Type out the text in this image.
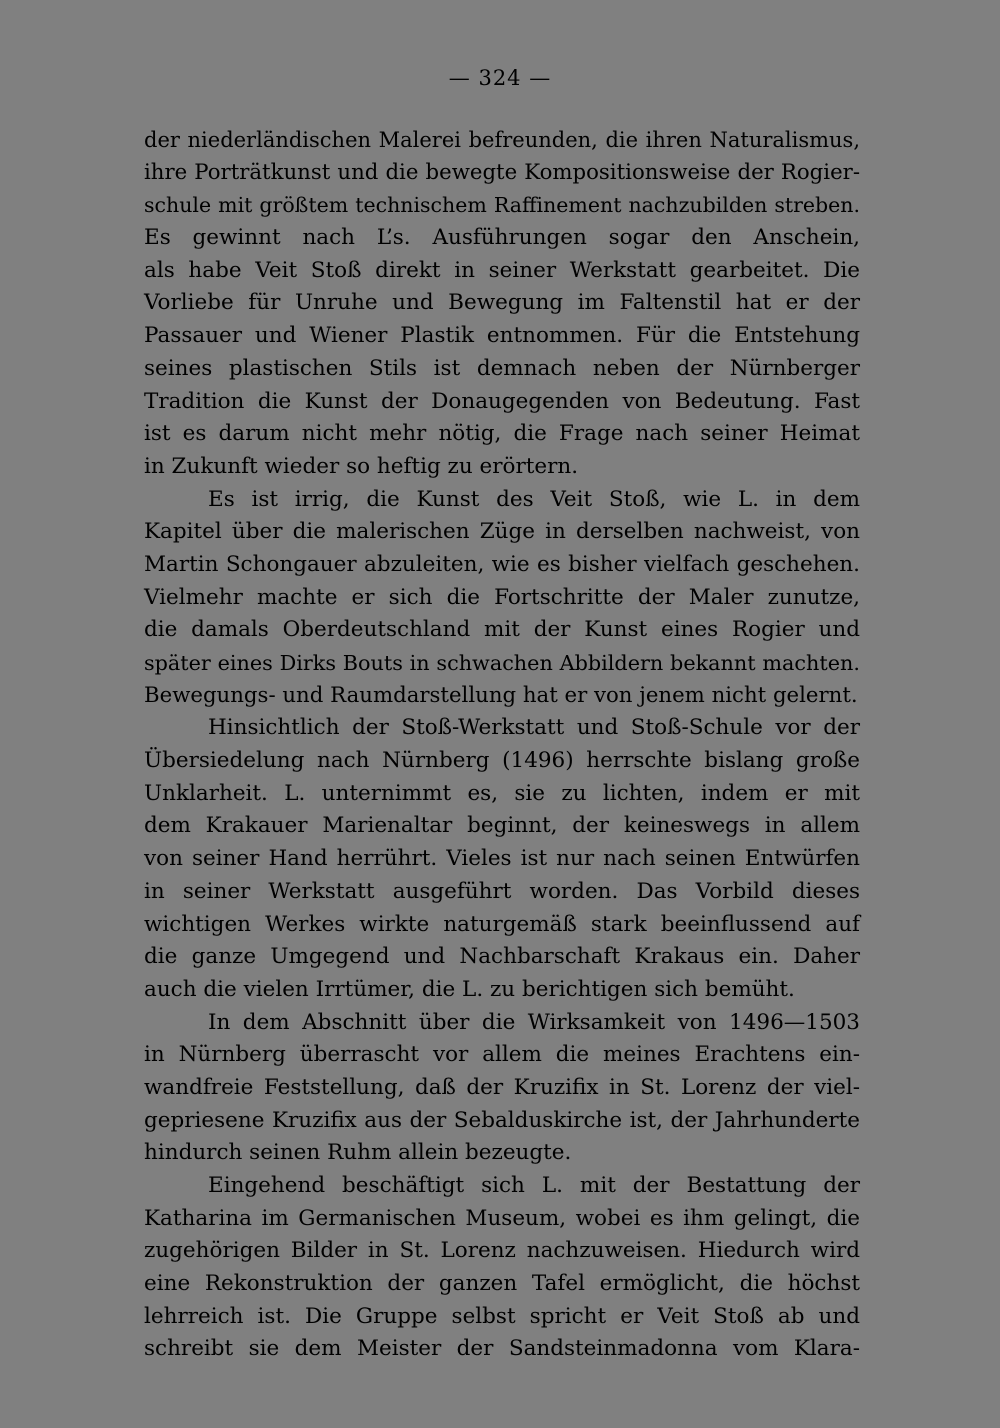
— 324 —
der niederländischen Malerei befreunden, die ihren Naturalismus,
ihre Porträtkunst und die bewegte Kompositionsweise der Rogier-
schule mit größtem technischem Raffinement nachzubilden streben.
Es gewinnt nach L’s. Ausführungen sogar den Anschein,
als habe Veit Stoß direkt in seiner Werkstatt gearbeitet. Die
Vorliebe für Unruhe und Bewegung im Faltenstil hat er der
Passauer und Wiener Plastik entnommen. Für die Entstehung
seines plastischen Stils ist demnach neben der Nürnberger
Tradition die Kunst der Donaugegenden von Bedeutung. Fast
ist es darum nicht mehr nötig, die Frage nach seiner Heimat
in Zukunft wieder so heftig zu erörtern.
Es ist irrig, die Kunst des Veit Stoß, wie L. in dem
Kapitel über die malerischen Züge in derselben nachweist, von
Martin Schongauer abzuleiten, wie es bisher vielfach geschehen.
Vielmehr machte er sich die Fortschritte der Maler zunutze,
die damals Oberdeutschland mit der Kunst eines Rogier und
später eines Dirks Bouts in schwachen Abbildern bekannt machten.
Bewegungs- und Raumdarstellung hat er von jenem nicht gelernt.
Hinsichtlich der Stoß-Werkstatt und Stoß-Schule vor der
Übersiedelung nach Nürnberg (1496) herrschte bislang große
Unklarheit. L. unternimmt es, sie zu lichten, indem er mit
dem Krakauer Marienaltar beginnt, der keineswegs in allem
von seiner Hand herrührt. Vieles ist nur nach seinen Entwürfen
in seiner Werkstatt ausgeführt worden. Das Vorbild dieses
wichtigen Werkes wirkte naturgemäß stark beeinflussend auf
die ganze Umgegend und Nachbarschaft Krakaus ein. Daher
auch die vielen Irrtümer, die L. zu berichtigen sich bemüht.
In dem Abschnitt über die Wirksamkeit von 1496—1503
in Nürnberg überrascht vor allem die meines Erachtens ein-
wandfreie Feststellung, daß der Kruzifix in St. Lorenz der viel-
gepriesene Kruzifix aus der Sebalduskirche ist, der Jahrhunderte
hindurch seinen Ruhm allein bezeugte.
Eingehend beschäftigt sich L. mit der Bestattung der
Katharina im Germanischen Museum, wobei es ihm gelingt, die
zugehörigen Bilder in St. Lorenz nachzuweisen. Hiedurch wird
eine Rekonstruktion der ganzen Tafel ermöglicht, die höchst
lehrreich ist. Die Gruppe selbst spricht er Veit Stoß ab und
schreibt sie dem Meister der Sandsteinmadonna vom Klara-
